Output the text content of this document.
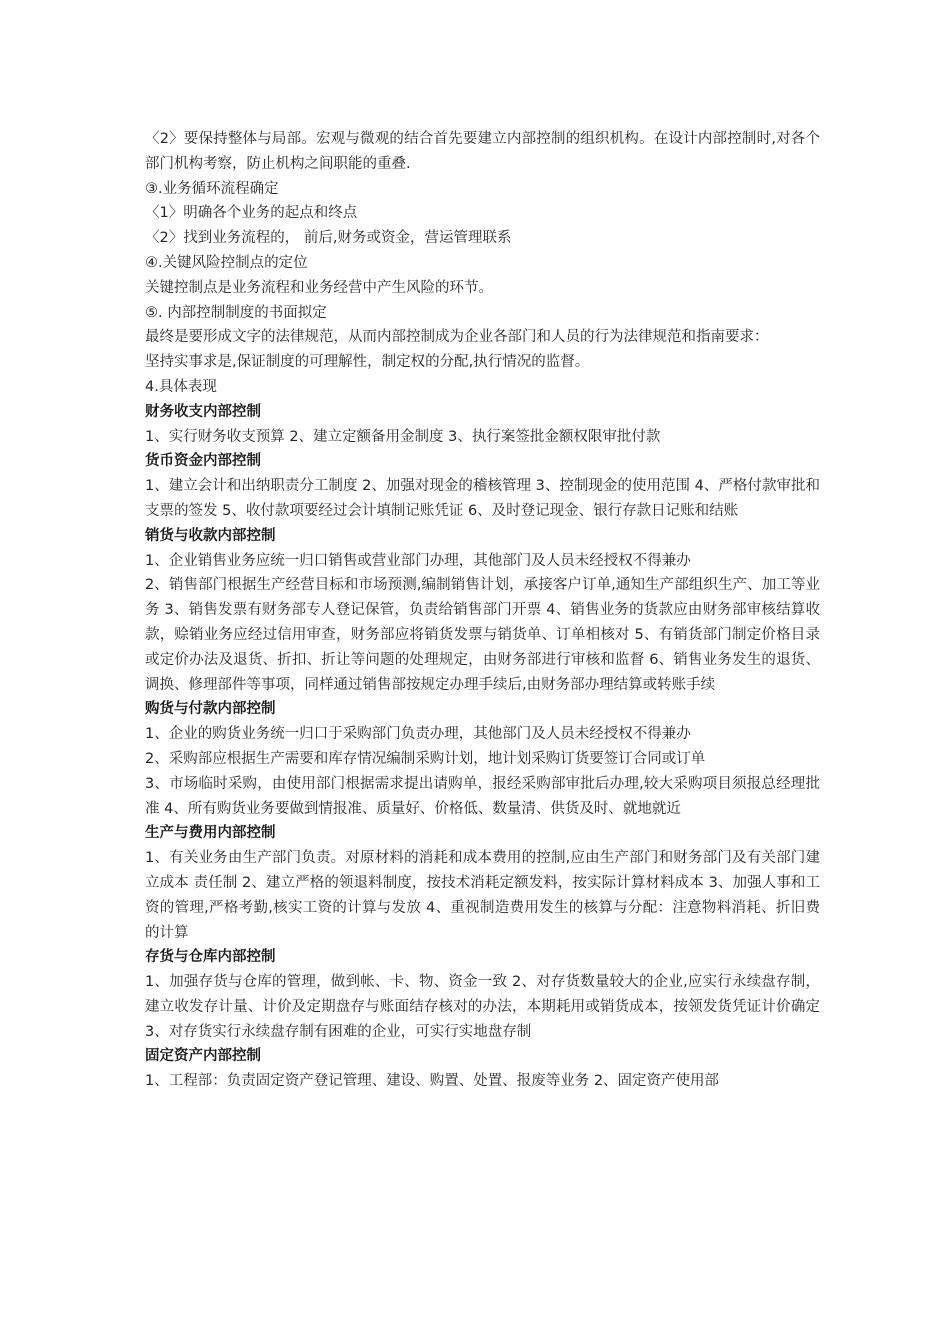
〈2〉要保持整体与局部。宏观与微观的结合首先要建立内部控制的组织机构。在设计内部控制时,对各个部门机构考察，防止机构之间职能的重叠.

③.业务循环流程确定

〈1〉明确各个业务的起点和终点

〈2〉找到业务流程的， 前后,财务或资金，营运管理联系

④.关键风险控制点的定位

关键控制点是业务流程和业务经营中产生风险的环节。

⑤. 内部控制制度的书面拟定

最终是要形成文字的法律规范，从而内部控制成为企业各部门和人员的行为法律规范和指南要求：

坚持实事求是,保证制度的可理解性，制定权的分配,执行情况的监督。

4.具体表现

财务收支内部控制

1、实行财务收支预算 2、建立定额备用金制度 3、执行案签批金额权限审批付款

货币资金内部控制

1、建立会计和出纳职责分工制度 2、加强对现金的稽核管理 3、控制现金的使用范围 4、严格付款审批和支票的签发 5、收付款项要经过会计填制记账凭证 6、及时登记现金、银行存款日记账和结账

销货与收款内部控制

1、企业销售业务应统一归口销售或营业部门办理，其他部门及人员未经授权不得兼办

2、销售部门根据生产经营目标和市场预测,编制销售计划，承接客户订单,通知生产部组织生产、加工等业务 3、销售发票有财务部专人登记保管，负责给销售部门开票 4、销售业务的货款应由财务部审核结算收款，赊销业务应经过信用审查，财务部应将销货发票与销货单、订单相核对 5、有销货部门制定价格目录或定价办法及退货、折扣、折让等问题的处理规定，由财务部进行审核和监督 6、销售业务发生的退货、调换、修理部件等事项，同样通过销售部按规定办理手续后,由财务部办理结算或转账手续

购货与付款内部控制

1、企业的购货业务统一归口于采购部门负责办理，其他部门及人员未经授权不得兼办

2、采购部应根据生产需要和库存情况编制采购计划，地计划采购订货要签订合同或订单

3、市场临时采购，由使用部门根据需求提出请购单，报经采购部审批后办理,较大采购项目须报总经理批准 4、所有购货业务要做到情报准、质量好、价格低、数量清、供货及时、就地就近

生产与费用内部控制

1、有关业务由生产部门负责。对原材料的消耗和成本费用的控制,应由生产部门和财务部门及有关部门建立成本 责任制 2、建立严格的领退料制度，按技术消耗定额发料，按实际计算材料成本 3、加强人事和工资的管理,严格考勤,核实工资的计算与发放 4、重视制造费用发生的核算与分配：注意物料消耗、折旧费的计算

存货与仓库内部控制

1、加强存货与仓库的管理，做到帐、卡、物、资金一致 2、对存货数量较大的企业,应实行永续盘存制，建立收发存计量、计价及定期盘存与账面结存核对的办法，本期耗用或销货成本，按领发货凭证计价确定 3、对存货实行永续盘存制有困难的企业，可实行实地盘存制

固定资产内部控制

1、工程部：负责固定资产登记管理、建设、购置、处置、报废等业务 2、固定资产使用部
